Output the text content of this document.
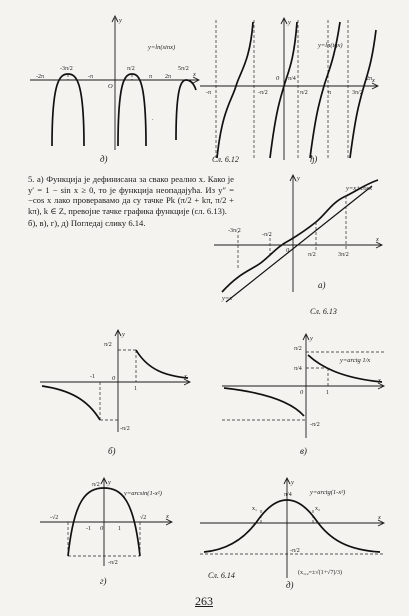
y=ln(sinx)
y
x
O
-2π
-3π/2
-π
π/2
π 2π
5π/2
д)
.
y=ln(tgx)
y
x
0
-π	-π/2
π/4
π/2	π	3π/2
2π
ђ)
Сл. 6.12
y=x+cosx
y=x
y
x
0
-3π/2
-π/2
π/2	3π/2
а)
Сл. 6.13
y
x
0
-1
1
π/2
-π/2
б)
y=arctg 1/x
y
x
0
π/2
π/4
1
-π/2
в)
y=arcsin(1-x²)
y
x
0
π/2
-√2
-1	1
√2
-π/2
г)
y=arctg(1-x²)
y
x
π/4
x₁	x₂
-π/2
(x₁,₂=±√(1+√7)/3)
д)
Сл. 6.14

5. а) Функција је дефинисана за свако реално x. Како је y′ = 1 − sin x ≥ 0, то је функција неопадајућа. Из y″ = −cos x лако проверавамо да су тачке Pk (π/2 + kπ, π/2 + kπ), k ∈ Z, превојне тачке графика функције (сл. 6.13).

б), в), г), д) Погледај слику 6.14.

263
